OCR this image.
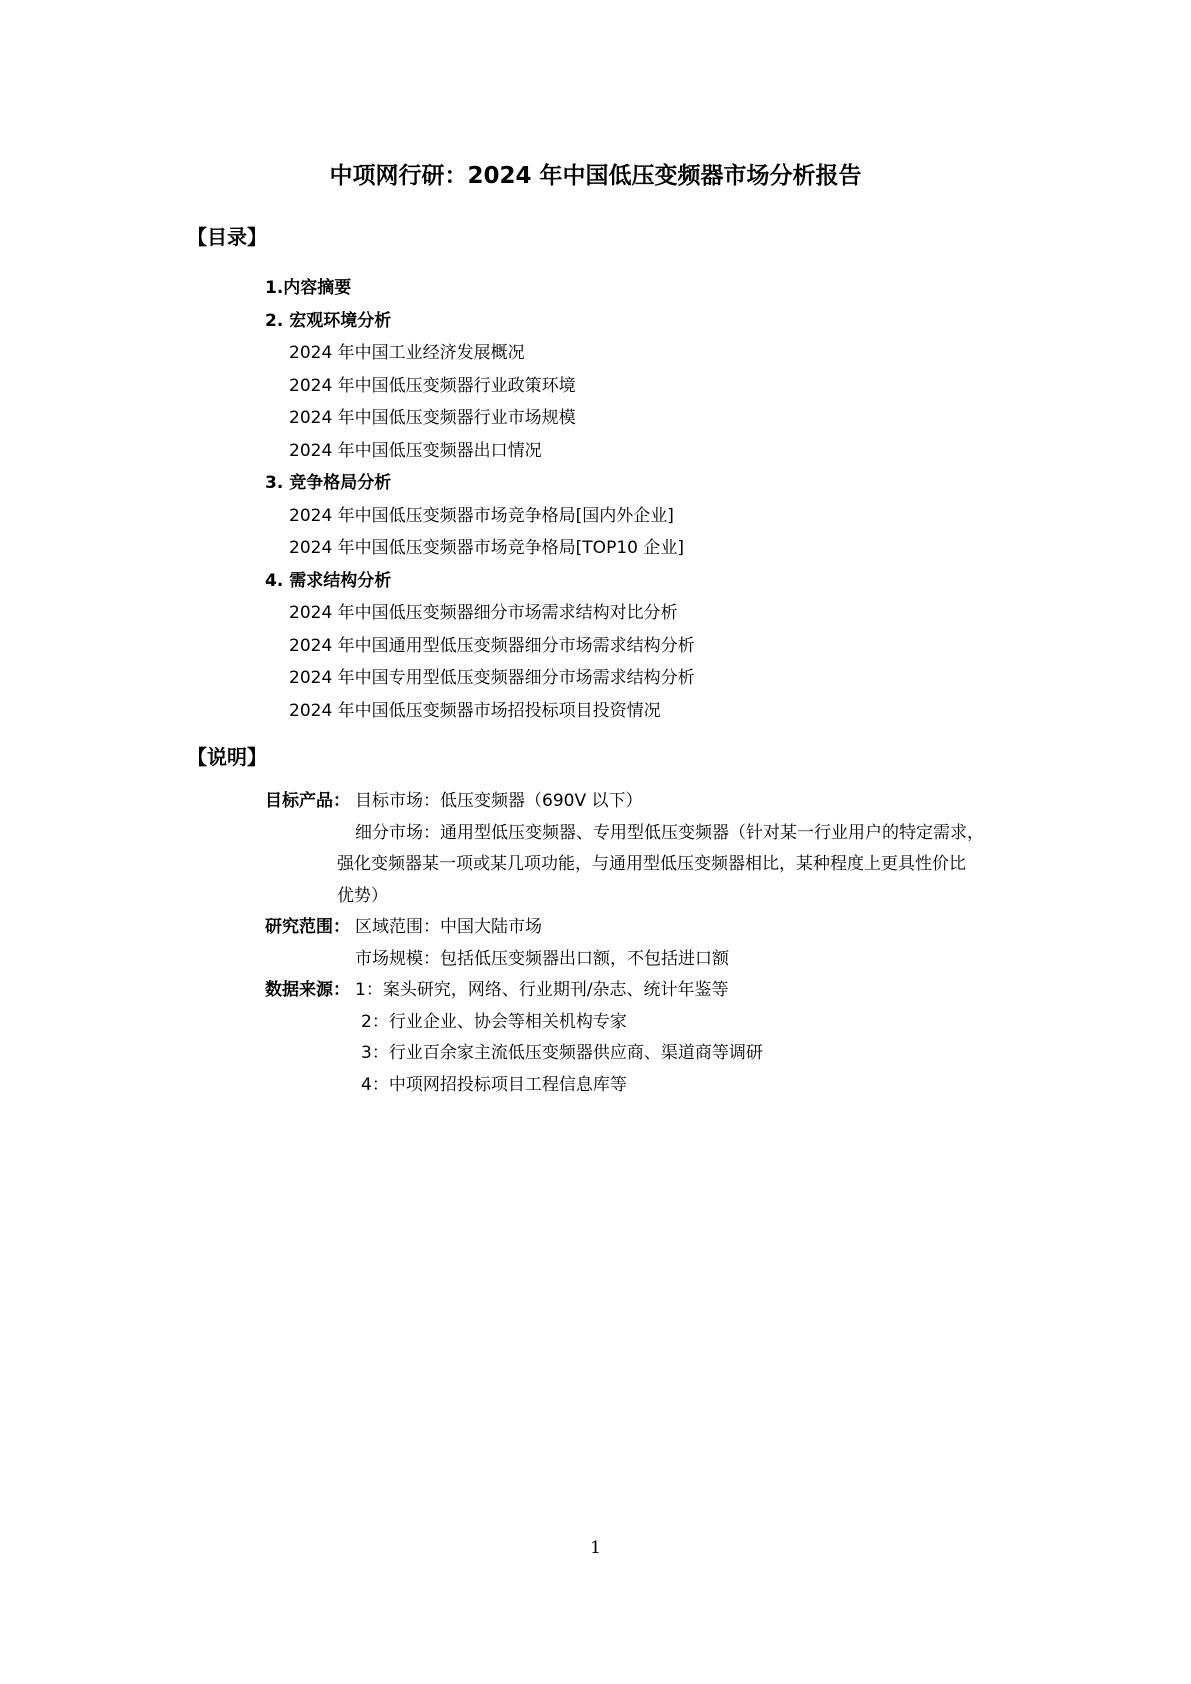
中项网行研：2024 年中国低压变频器市场分析报告
【目录】
1.内容摘要
2. 宏观环境分析
2024 年中国工业经济发展概况
2024 年中国低压变频器行业政策环境
2024 年中国低压变频器行业市场规模
2024 年中国低压变频器出口情况
3. 竞争格局分析
2024 年中国低压变频器市场竞争格局[国内外企业]
2024 年中国低压变频器市场竞争格局[TOP10 企业]
4. 需求结构分析
2024 年中国低压变频器细分市场需求结构对比分析
2024 年中国通用型低压变频器细分市场需求结构分析
2024 年中国专用型低压变频器细分市场需求结构分析
2024 年中国低压变频器市场招投标项目投资情况
【说明】
目标产品： 目标市场：低压变频器（690V 以下）
细分市场：通用型低压变频器、专用型低压变频器（针对某一行业用户的特定需求，
强化变频器某一项或某几项功能，与通用型低压变频器相比，某种程度上更具性价比
优势）
研究范围： 区域范围：中国大陆市场
市场规模：包括低压变频器出口额，不包括进口额
数据来源： 1：案头研究，网络、行业期刊/杂志、统计年鉴等
2：行业企业、协会等相关机构专家
3：行业百余家主流低压变频器供应商、渠道商等调研
4：中项网招投标项目工程信息库等
1
